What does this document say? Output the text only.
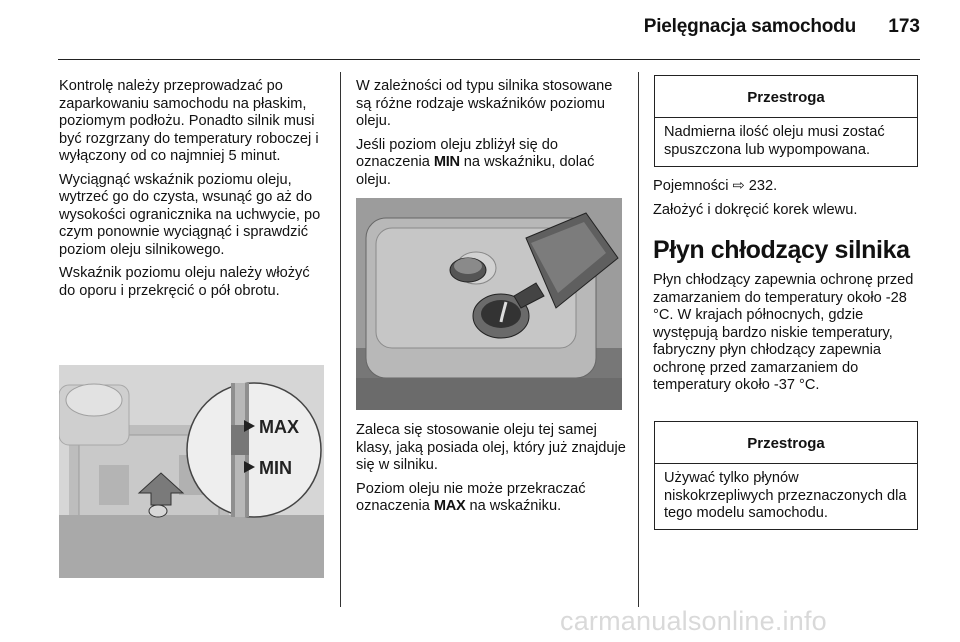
Pielęgnacja samochodu 173

Kontrolę należy przeprowadzać po zaparkowaniu samochodu na płaskim, poziomym podłożu. Ponadto silnik musi być rozgrzany do temperatury roboczej i wyłączony od co najmniej 5 minut.

Wyciągnąć wskaźnik poziomu oleju, wytrzeć go do czysta, wsunąć go aż do wysokości ogranicznika na uchwycie, po czym ponownie wyciągnąć i sprawdzić poziom oleju silnikowego.

Wskaźnik poziomu oleju należy włożyć do oporu i przekręcić o pół obrotu.

MAX
MIN

W zależności od typu silnika stosowane są różne rodzaje wskaźników poziomu oleju.

Jeśli poziom oleju zbliżył się do oznaczenia MIN na wskaźniku, dolać oleju.

Zaleca się stosowanie oleju tej samej klasy, jaką posiada olej, który już znajduje się w silniku.

Poziom oleju nie może przekraczać oznaczenia MAX na wskaźniku.

Przestroga
Nadmierna ilość oleju musi zostać spuszczona lub wypompowana.

Pojemności ⇨ 232.

Założyć i dokręcić korek wlewu.

Płyn chłodzący silnika

Płyn chłodzący zapewnia ochronę przed zamarzaniem do temperatury około -28 °C. W krajach północnych, gdzie występują bardzo niskie temperatury, fabryczny płyn chłodzący zapewnia ochronę przed zamarzaniem do temperatury około -37 °C.

Przestroga
Używać tylko płynów niskokrzepliwych przeznaczonych dla tego modelu samochodu.
carmanualsonline.info
